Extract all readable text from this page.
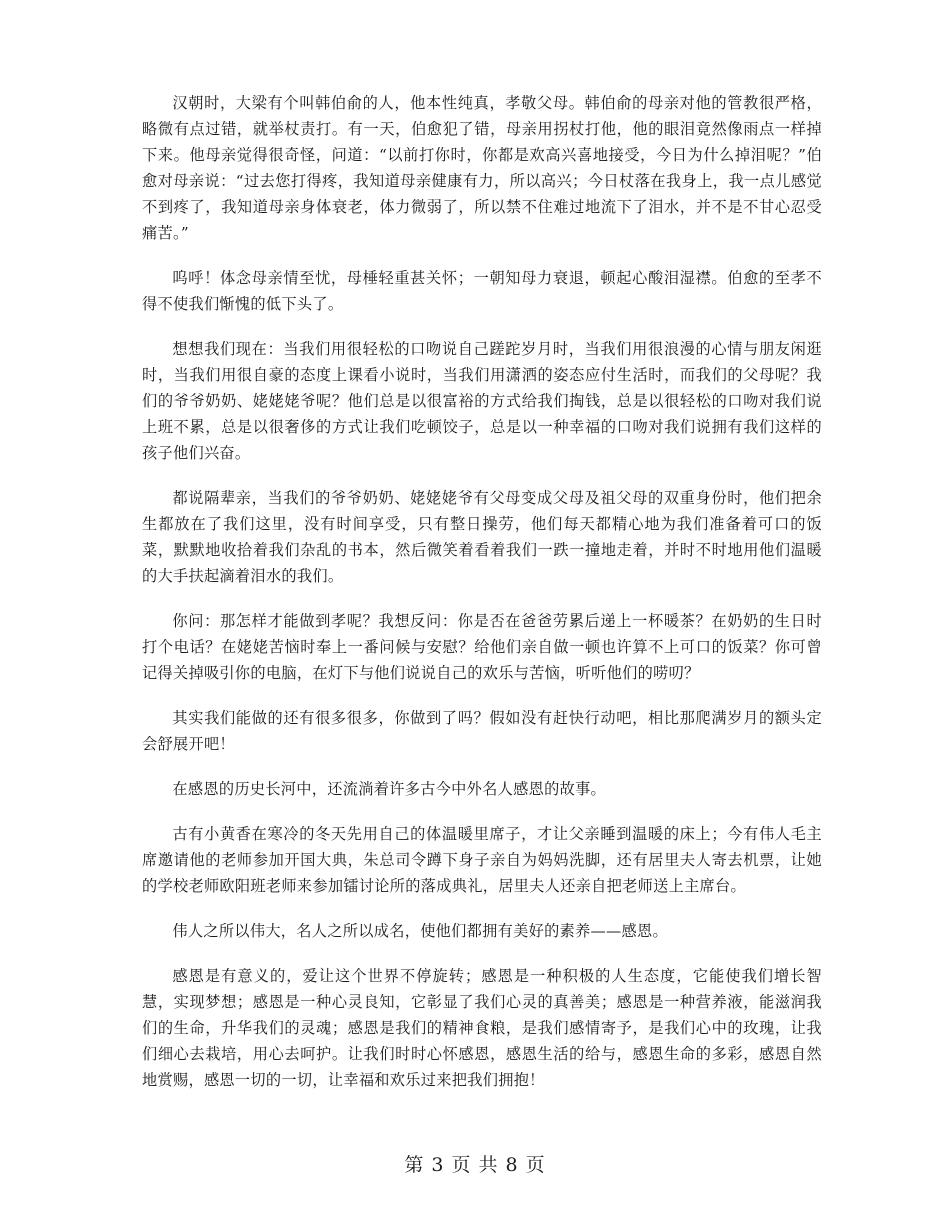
汉朝时，大梁有个叫韩伯俞的人，他本性纯真，孝敬父母。韩伯俞的母亲对他的管教很严格，略微有点过错，就举杖责打。有一天，伯愈犯了错，母亲用拐杖打他，他的眼泪竟然像雨点一样掉下来。他母亲觉得很奇怪，问道：“以前打你时，你都是欢高兴喜地接受，今日为什么掉泪呢？”伯愈对母亲说：“过去您打得疼，我知道母亲健康有力，所以高兴；今日杖落在我身上，我一点儿感觉不到疼了，我知道母亲身体衰老，体力微弱了，所以禁不住难过地流下了泪水，并不是不甘心忍受痛苦。”

呜呼！体念母亲情至忧，母棰轻重甚关怀；一朝知母力衰退，顿起心酸泪湿襟。伯愈的至孝不得不使我们惭愧的低下头了。

想想我们现在：当我们用很轻松的口吻说自己蹉跎岁月时，当我们用很浪漫的心情与朋友闲逛时，当我们用很自豪的态度上课看小说时，当我们用潇洒的姿态应付生活时，而我们的父母呢？我们的爷爷奶奶、姥姥姥爷呢？他们总是以很富裕的方式给我们掏钱，总是以很轻松的口吻对我们说上班不累，总是以很奢侈的方式让我们吃顿饺子，总是以一种幸福的口吻对我们说拥有我们这样的孩子他们兴奋。

都说隔辈亲，当我们的爷爷奶奶、姥姥姥爷有父母变成父母及祖父母的双重身份时，他们把余生都放在了我们这里，没有时间享受，只有整日操劳，他们每天都精心地为我们准备着可口的饭菜，默默地收拾着我们杂乱的书本，然后微笑着看着我们一跌一撞地走着，并时不时地用他们温暖的大手扶起滴着泪水的我们。

你问：那怎样才能做到孝呢？我想反问：你是否在爸爸劳累后递上一杯暖茶？在奶奶的生日时打个电话？在姥姥苦恼时奉上一番问候与安慰？给他们亲自做一顿也许算不上可口的饭菜？你可曾记得关掉吸引你的电脑，在灯下与他们说说自己的欢乐与苦恼，听听他们的唠叨？

其实我们能做的还有很多很多，你做到了吗？假如没有赶快行动吧，相比那爬满岁月的额头定会舒展开吧！

在感恩的历史长河中，还流淌着许多古今中外名人感恩的故事。

古有小黄香在寒冷的冬天先用自己的体温暖里席子，才让父亲睡到温暖的床上；今有伟人毛主席邀请他的老师参加开国大典，朱总司令蹲下身子亲自为妈妈洗脚，还有居里夫人寄去机票，让她的学校老师欧阳班老师来参加镭讨论所的落成典礼，居里夫人还亲自把老师送上主席台。

伟人之所以伟大，名人之所以成名，使他们都拥有美好的素养——感恩。

感恩是有意义的，爱让这个世界不停旋转；感恩是一种积极的人生态度，它能使我们增长智慧，实现梦想；感恩是一种心灵良知，它彰显了我们心灵的真善美；感恩是一种营养液，能滋润我们的生命，升华我们的灵魂；感恩是我们的精神食粮，是我们感情寄予，是我们心中的玫瑰，让我们细心去栽培，用心去呵护。让我们时时心怀感恩，感恩生活的给与，感恩生命的多彩，感恩自然地赏赐，感恩一切的一切，让幸福和欢乐过来把我们拥抱！

第 3 页 共 8 页
